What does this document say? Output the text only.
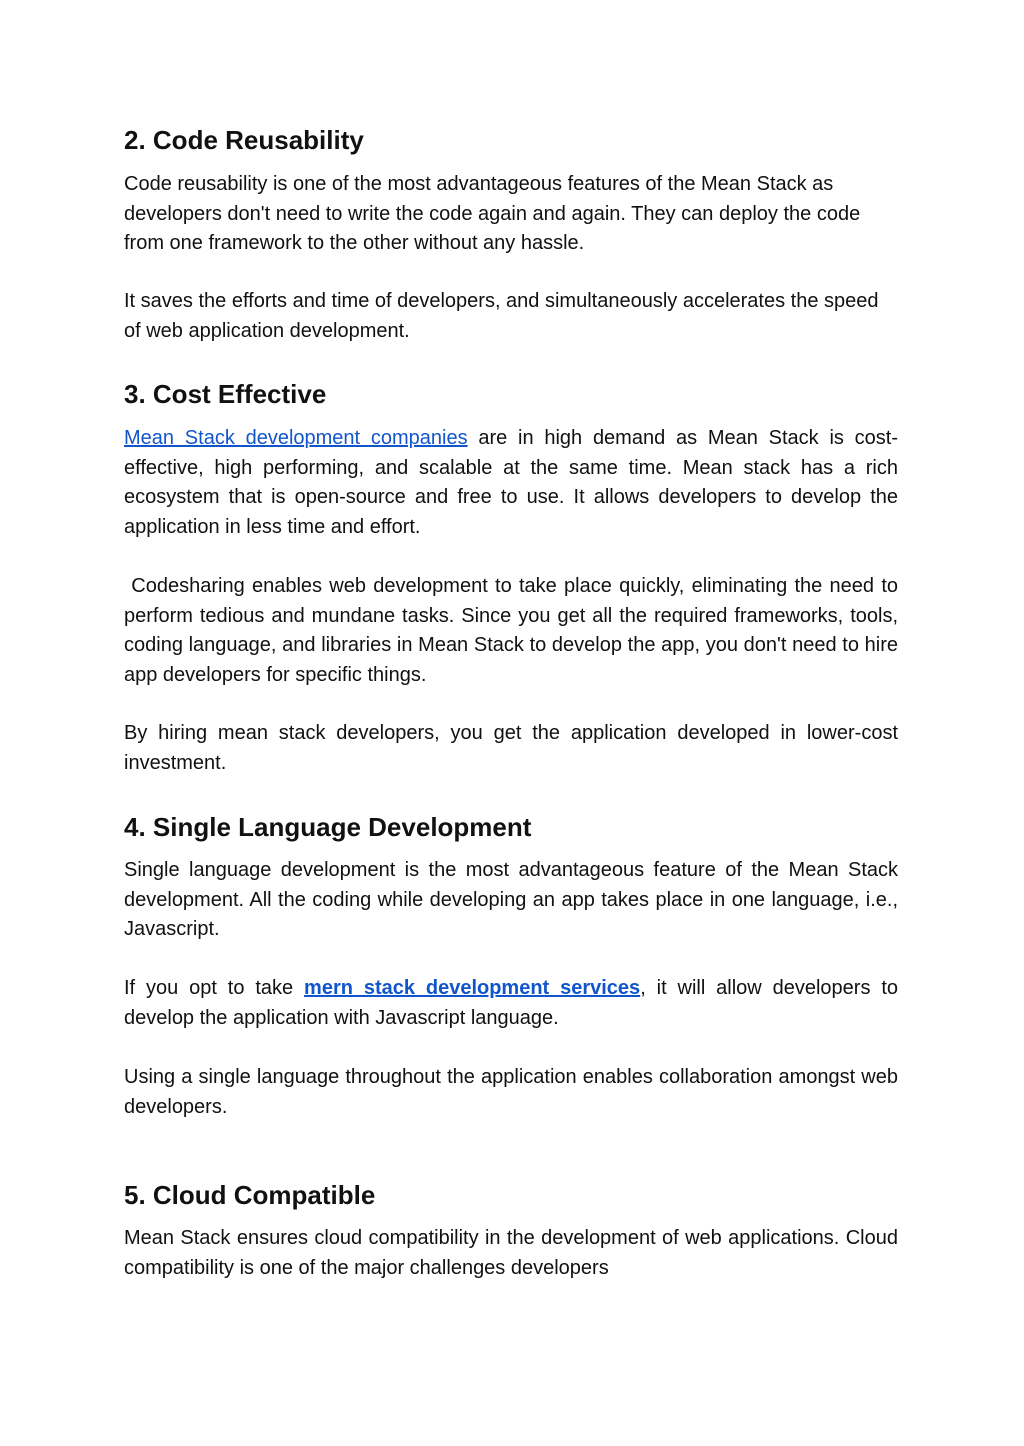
2. Code Reusability

Code reusability is one of the most advantageous features of the Mean Stack as developers don't need to write the code again and again. They can deploy the code from one framework to the other without any hassle.

It saves the efforts and time of developers, and simultaneously accelerates the speed of web application development.

3. Cost Effective

Mean Stack development companies are in high demand as Mean Stack is cost-effective, high performing, and scalable at the same time. Mean stack has a rich ecosystem that is open-source and free to use. It allows developers to develop the application in less time and effort.

Codesharing enables web development to take place quickly, eliminating the need to perform tedious and mundane tasks. Since you get all the required frameworks, tools, coding language, and libraries in Mean Stack to develop the app, you don't need to hire app developers for specific things.

By hiring mean stack developers, you get the application developed in lower-cost investment.

4. Single Language Development

Single language development is the most advantageous feature of the Mean Stack development. All the coding while developing an app takes place in one language, i.e., Javascript.

If you opt to take mern stack development services, it will allow developers to develop the application with Javascript language.

Using a single language throughout the application enables collaboration amongst web developers.

5. Cloud Compatible

Mean Stack ensures cloud compatibility in the development of web applications. Cloud compatibility is one of the major challenges developers
